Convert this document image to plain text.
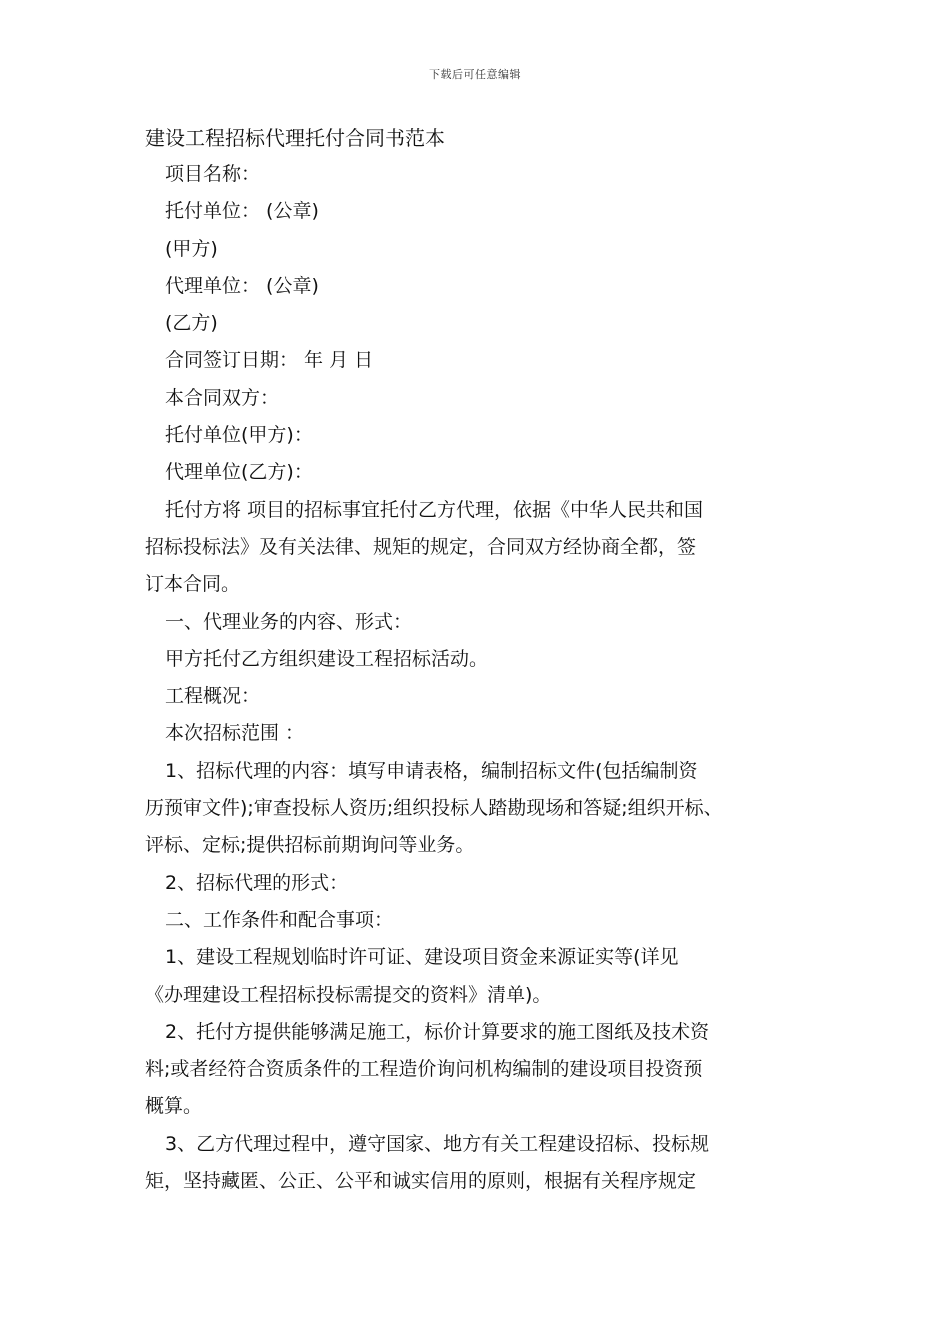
下载后可任意编辑
建设工程招标代理托付合同书范本
项目名称：
托付单位： (公章)
(甲方)
代理单位： (公章)
(乙方)
合同签订日期： 年 月 日
本合同双方：
托付单位(甲方)：
代理单位(乙方)：
托付方将 项目的招标事宜托付乙方代理，依据《中华人民共和国
招标投标法》及有关法律、规矩的规定，合同双方经协商全都，签
订本合同。
一、代理业务的内容、形式：
甲方托付乙方组织建设工程招标活动。
工程概况：
本次招标范围 ：
1、招标代理的内容：填写申请表格，编制招标文件(包括编制资
历预审文件);审查投标人资历;组织投标人踏勘现场和答疑;组织开标、
评标、定标;提供招标前期询问等业务。
2、招标代理的形式：
二、工作条件和配合事项：
1、建设工程规划临时许可证、建设项目资金来源证实等(详见
《办理建设工程招标投标需提交的资料》清单)。
2、托付方提供能够满足施工，标价计算要求的施工图纸及技术资
料;或者经符合资质条件的工程造价询问机构编制的建设项目投资预
概算。
3、乙方代理过程中，遵守国家、地方有关工程建设招标、投标规
矩，坚持藏匿、公正、公平和诚实信用的原则，根据有关程序规定
